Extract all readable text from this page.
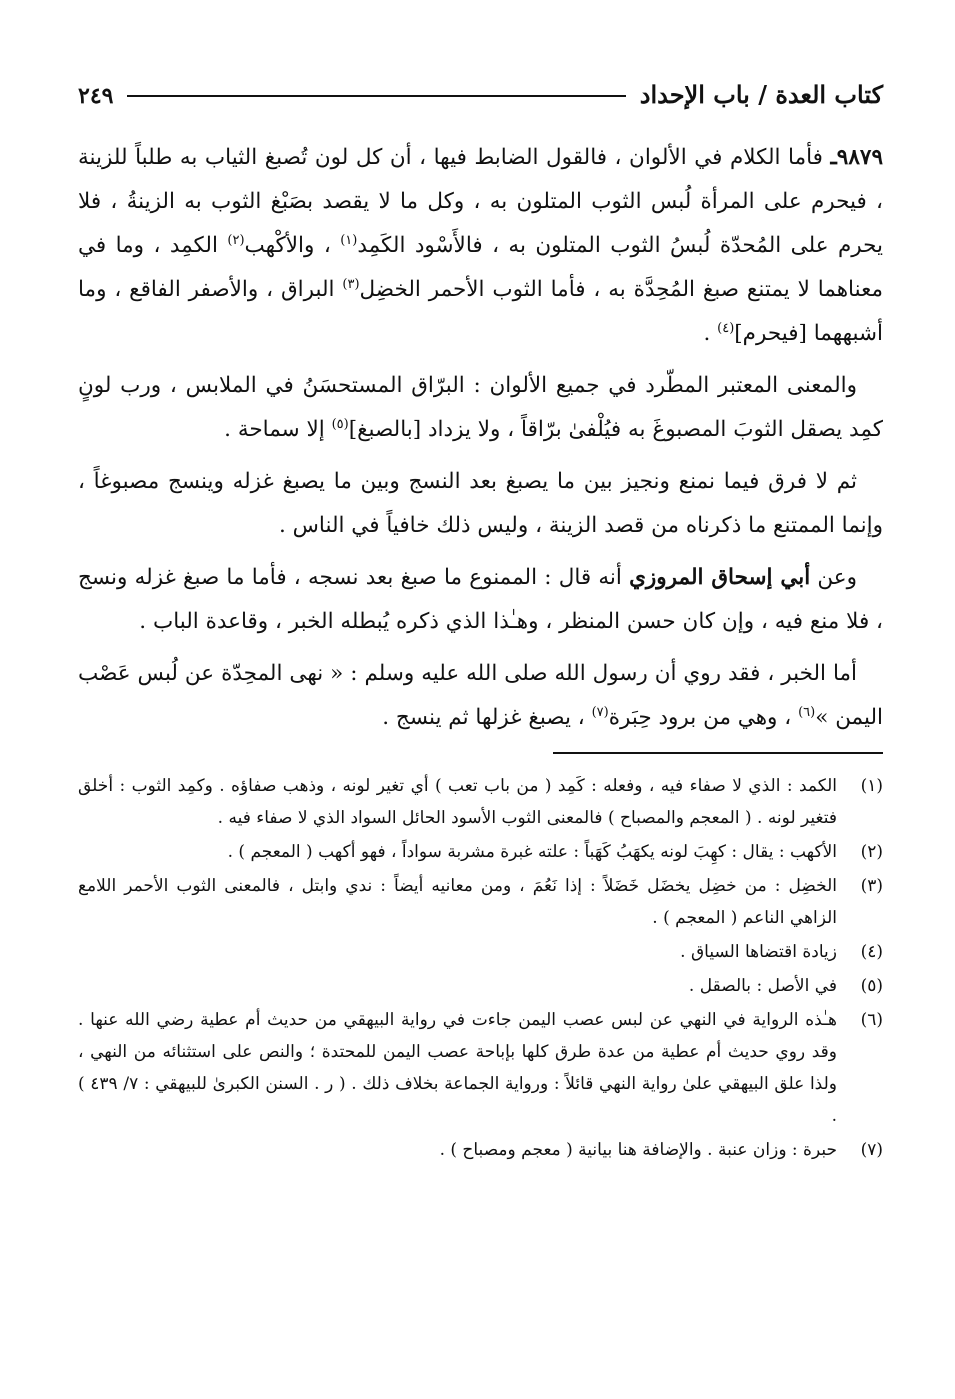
كتاب العدة / باب الإحداد
٢٤٩

٩٨٧٩ـ فأما الكلام في الألوان ، فالقول الضابط فيها ، أن كل لون تُصبغ الثياب به طلباً للزينة ، فيحرم على المرأة لُبس الثوب المتلون به ، وكل ما لا يقصد بصَبْغ الثوب به الزينةُ ، فلا يحرم على المُحدّة لُبسُ الثوب المتلون به ، فالأَسْود الكَمِد$^{(١)}$ ، والأكْهب$^{(٢)}$ الكمِد ، وما في معناهما لا يمتنع صبغ المُحِدَّة به ، فأما الثوب الأحمر الخضِل$^{(٣)}$ البراق ، والأصفر الفاقع ، وما أشبههما [فيحرم]$^{(٤)}$ .

والمعنى المعتبر المطّرد في جميع الألوان : البرّاق المستحسَنُ في الملابس ، ورب لونٍ كمِد يصقل الثوبَ المصبوغَ به فيُلْفىٰ برّاقاً ، ولا يزداد [بالصبغ]$^{(٥)}$ إلا سماحة .

ثم لا فرق فيما نمنع ونجيز بين ما يصبغ بعد النسج وبين ما يصبغ غزله وينسج مصبوغاً ، وإنما الممتنع ما ذكرناه من قصد الزينة ، وليس ذلك خافياً في الناس .

وعن أبي إسحاق المروزي أنه قال : الممنوع ما صبغ بعد نسجه ، فأما ما صبغ غزله ونسج ، فلا منع فيه ، وإن كان حسن المنظر ، وهـٰذا الذي ذكره يُبطله الخبر ، وقاعدة الباب .

أما الخبر ، فقد روي أن رسول الله صلى الله عليه وسلم : « نهى المحِدّة عن لُبس عَصْب اليمن »$^{(٦)}$ ، وهي من برود حِبَرة$^{(٧)}$ ، يصبغ غزلها ثم ينسج .

(١)
الكمد : الذي لا صفاء فيه ، وفعله : كَمِد ( من باب تعب ) أي تغير لونه ، وذهب صفاؤه . وكمِد الثوب : أخلق فتغير لونه . ( المعجم والمصباح ) فالمعنى الثوب الأسود الحائل السواد الذي لا صفاء فيه .
(٢)
الأكهب : يقال : كهِبَ لونه يكهَبُ كَهَباً : علته غبرة مشربة سواداً ، فهو أكهب ( المعجم ) .
(٣)
الخضِل : من خضِل يخضَل خَضَلاً : إذا نَعُمَ ، ومن معانيه أيضاً : ندي وابتل ، فالمعنى الثوب الأحمر اللامع الزاهي الناعم ( المعجم ) .
(٤)
زيادة اقتضاها السياق .
(٥)
في الأصل : بالصقل .
(٦)
هـٰذه الرواية في النهي عن لبس عصب اليمن جاءت في رواية البيهقي من حديث أم عطية رضي الله عنها . وقد روي حديث أم عطية من عدة طرق كلها بإباحة عصب اليمن للمحتدة ؛ والنص على استثنائه من النهي ، ولذا علق البيهقي علىٰ رواية النهي قائلاً : ورواية الجماعة بخلاف ذلك . ( ر . السنن الكبرىٰ للبيهقي : ٧/ ٤٣٩ ) .
(٧)
حبرة : وزان عنبة . والإضافة هنا بيانية ( معجم ومصباح ) .
